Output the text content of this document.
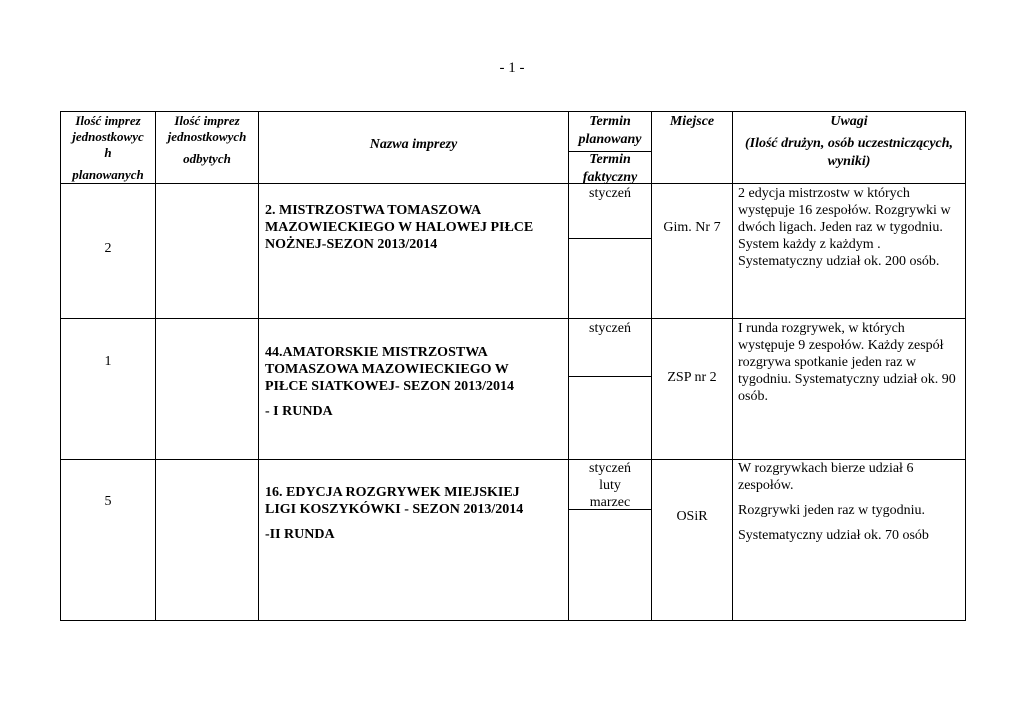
- 1 -
Ilość imprez
jednostkowyc
h
planowanych
Ilość imprez
jednostkowych
odbytych
Nazwa imprezy
Termin planowany
Termin faktyczny
Miejsce	Uwagi
(Ilość drużyn, osób uczestniczących, wyniki)
2
2. MISTRZOSTWA TOMASZOWA
MAZOWIECKIEGO W HALOWEJ PIŁCE
NOŻNEJ-SEZON 2013/2014
styczeń
Gim. Nr 7
2 edycja mistrzostw w których występuje 16 zespołów. Rozgrywki w dwóch ligach. Jeden raz w tygodniu. System każdy z każdym . Systematyczny udział ok. 200 osób.
1
44.AMATORSKIE MISTRZOSTWA
TOMASZOWA MAZOWIECKIEGO W
PIŁCE SIATKOWEJ- SEZON 2013/2014
- I RUNDA
styczeń
ZSP nr 2
I runda rozgrywek, w których występuje 9 zespołów. Każdy zespół rozgrywa spotkanie jeden raz w tygodniu. Systematyczny udział ok. 90 osób.
5
16. EDYCJA ROZGRYWEK MIEJSKIEJ
LIGI KOSZYKÓWKI - SEZON 2013/2014
-II RUNDA
styczeń
luty
marzec
OSiR
W rozgrywkach bierze udział 6 zespołów.
Rozgrywki jeden raz w tygodniu.
Systematyczny udział ok. 70 osób
